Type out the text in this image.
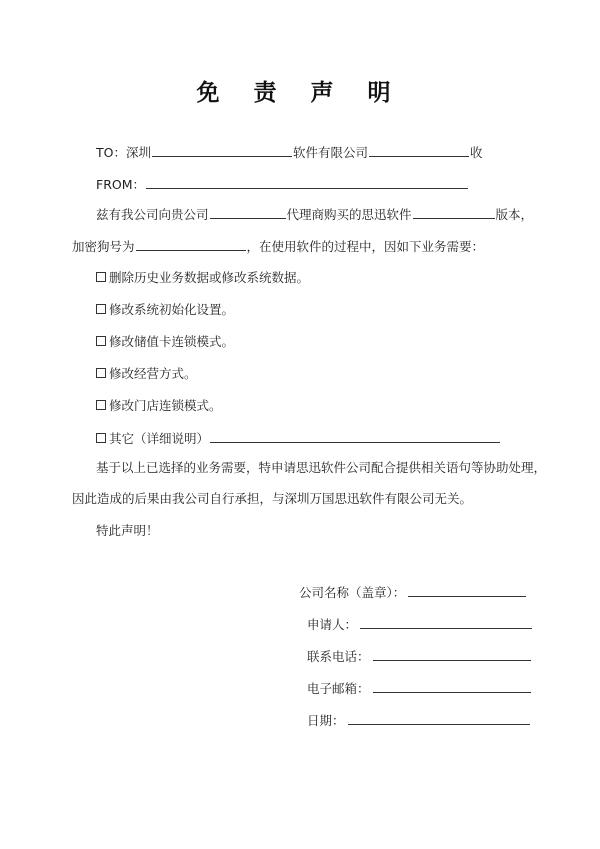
免 责 声 明
TO：深圳	软件有限公司	收
FROM：
兹有我公司向贵公司	代理商购买的思迅软件	版本，
加密狗号为	，在使用软件的过程中，因如下业务需要：
删除历史业务数据或修改系统数据。
修改系统初始化设置。
修改储值卡连锁模式。
修改经营方式。
修改门店连锁模式。
其它（详细说明）
基于以上已选择的业务需要，特申请思迅软件公司配合提供相关语句等协助处理，
因此造成的后果由我公司自行承担，与深圳万国思迅软件有限公司无关。
特此声明！
公司名称（盖章）：
申请人：
联系电话：
电子邮箱：
日期：
